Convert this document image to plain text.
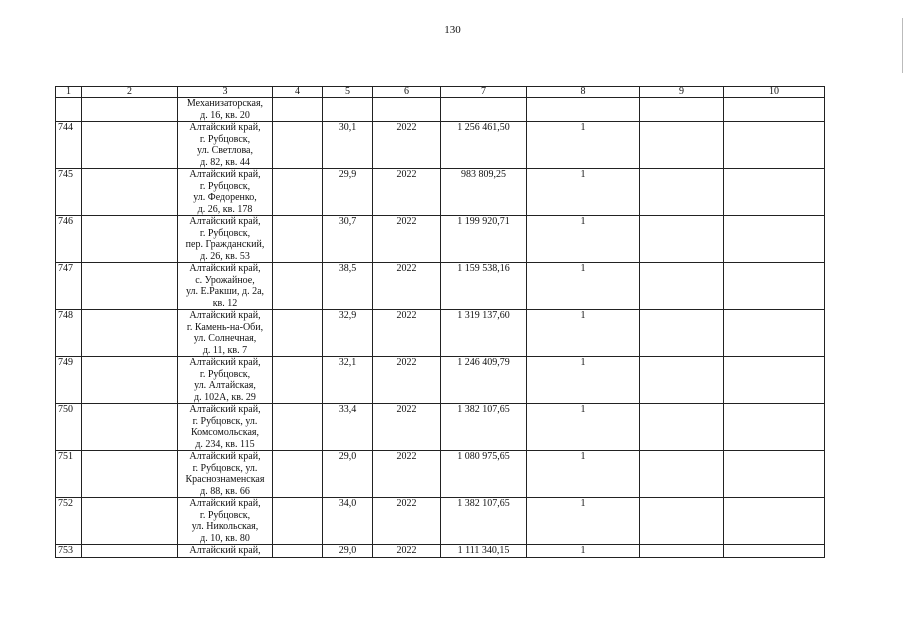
130
1	2	3	4	5	6	7	8	9	10
		Механизаторская,
д. 16, кв. 20							
744		Алтайский край,
г. Рубцовск,
ул. Светлова,
д. 82, кв. 44		30,1	2022	1 256 461,50	1		
745		Алтайский край,
г. Рубцовск,
ул. Федоренко,
д. 26, кв. 178		29,9	2022	983 809,25	1		
746		Алтайский край,
г. Рубцовск,
пер. Гражданский,
д. 26, кв. 53		30,7	2022	1 199 920,71	1		
747		Алтайский край,
с. Урожайное,
ул. Е.Ракши, д. 2а,
кв. 12		38,5	2022	1 159 538,16	1		
748		Алтайский край,
г. Камень-на-Оби,
ул. Солнечная,
д. 11, кв. 7		32,9	2022	1 319 137,60	1		
749		Алтайский край,
г. Рубцовск,
ул. Алтайская,
д. 102А, кв. 29		32,1	2022	1 246 409,79	1		
750		Алтайский край,
г. Рубцовск, ул.
Комсомольская,
д. 234, кв. 115		33,4	2022	1 382 107,65	1		
751		Алтайский край,
г. Рубцовск, ул.
Краснознаменская
д. 88, кв. 66		29,0	2022	1 080 975,65	1		
752		Алтайский край,
г. Рубцовск,
ул. Никольская,
д. 10, кв. 80		34,0	2022	1 382 107,65	1		
753		Алтайский край,		29,0	2022	1 111 340,15	1		
